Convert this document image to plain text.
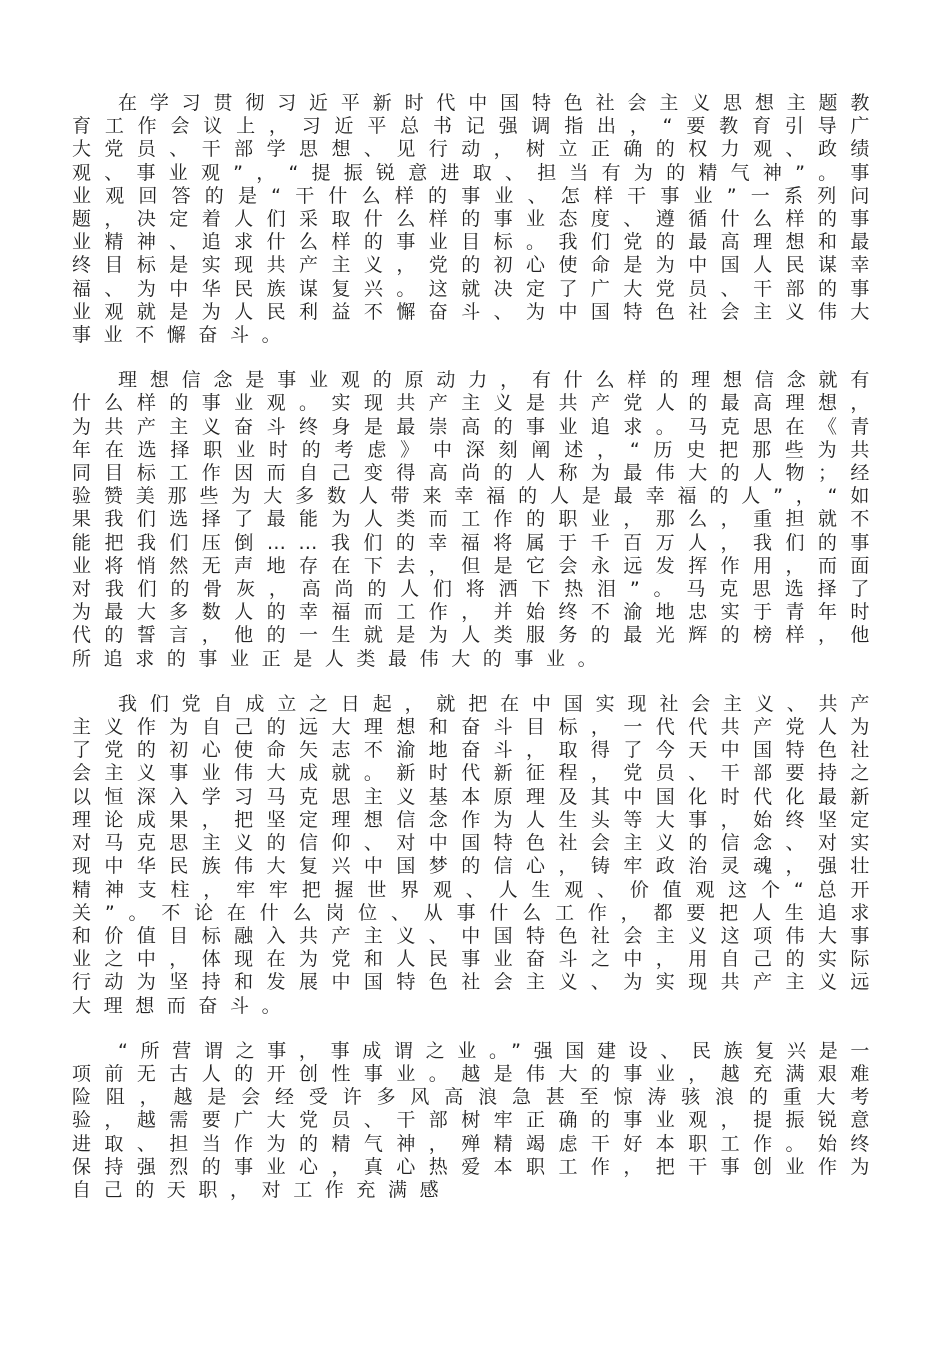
在学习贯彻习近平新时代中国特色社会主义思想主题教育工作会议上，习近平总书记强调指出，“要教育引导广大党员、干部学思想、见行动，树立正确的权力观、政绩观、事业观”，“提振锐意进取、担当有为的精气神”。事业观回答的是“干什么样的事业、怎样干事业”一系列问题，决定着人们采取什么样的事业态度、遵循什么样的事业精神、追求什么样的事业目标。我们党的最高理想和最终目标是实现共产主义，党的初心使命是为中国人民谋幸福、为中华民族谋复兴。这就决定了广大党员、干部的事业观就是为人民利益不懈奋斗、为中国特色社会主义伟大事业不懈奋斗。

理想信念是事业观的原动力，有什么样的理想信念就有什么样的事业观。实现共产主义是共产党人的最高理想，为共产主义奋斗终身是最崇高的事业追求。马克思在《青年在选择职业时的考虑》中深刻阐述，“历史把那些为共同目标工作因而自己变得高尚的人称为最伟大的人物；经验赞美那些为大多数人带来幸福的人是最幸福的人”，“如果我们选择了最能为人类而工作的职业，那么，重担就不能把我们压倒……我们的幸福将属于千百万人，我们的事业将悄然无声地存在下去，但是它会永远发挥作用，而面对我们的骨灰，高尚的人们将洒下热泪”。马克思选择了为最大多数人的幸福而工作，并始终不渝地忠实于青年时代的誓言，他的一生就是为人类服务的最光辉的榜样，他所追求的事业正是人类最伟大的事业。

我们党自成立之日起，就把在中国实现社会主义、共产主义作为自己的远大理想和奋斗目标，一代代共产党人为了党的初心使命矢志不渝地奋斗，取得了今天中国特色社会主义事业伟大成就。新时代新征程，党员、干部要持之以恒深入学习马克思主义基本原理及其中国化时代化最新理论成果，把坚定理想信念作为人生头等大事，始终坚定对马克思主义的信仰、对中国特色社会主义的信念、对实现中华民族伟大复兴中国梦的信心，铸牢政治灵魂，强壮精神支柱，牢牢把握世界观、人生观、价值观这个“总开关”。不论在什么岗位、从事什么工作，都要把人生追求和价值目标融入共产主义、中国特色社会主义这项伟大事业之中，体现在为党和人民事业奋斗之中，用自己的实际行动为坚持和发展中国特色社会主义、为实现共产主义远大理想而奋斗。

“所营谓之事，事成谓之业。”强国建设、民族复兴是一项前无古人的开创性事业。越是伟大的事业，越充满艰难险阻，越是会经受许多风高浪急甚至惊涛骇浪的重大考验，越需要广大党员、干部树牢正确的事业观，提振锐意进取、担当作为的精气神，殚精竭虑干好本职工作。始终保持强烈的事业心，真心热爱本职工作，把干事创业作为自己的天职，对工作充满感
